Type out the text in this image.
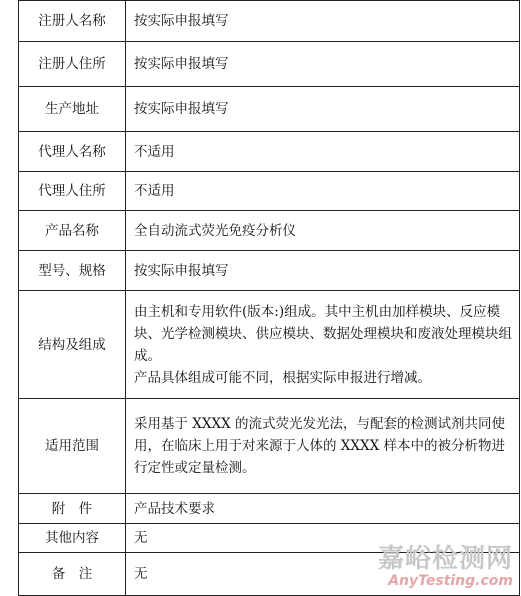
注册人名称	按实际申报填写

注册人住所	按实际申报填写

生产地址	按实际申报填写

代理人名称	不适用

代理人住所	不适用

产品名称	全自动流式荧光免疫分析仪

型号、规格	按实际申报填写

结构及组成	由主机和专用软件(版本:)组成。其中主机由加样模块、反应模块、光学检测模块、供应模块、数据处理模块和废液处理模块组成。
产品具体组成可能不同，根据实际申报进行增减。

适用范围	采用基于 XXXX 的流式荧光发光法，与配套的检测试剂共同使用，在临床上用于对来源于人体的 XXXX 样本中的被分析物进行定性或定量检测。

附　件	产品技术要求

其他内容	无

备　注	无	嘉峪检测网
AnyTesting.com
